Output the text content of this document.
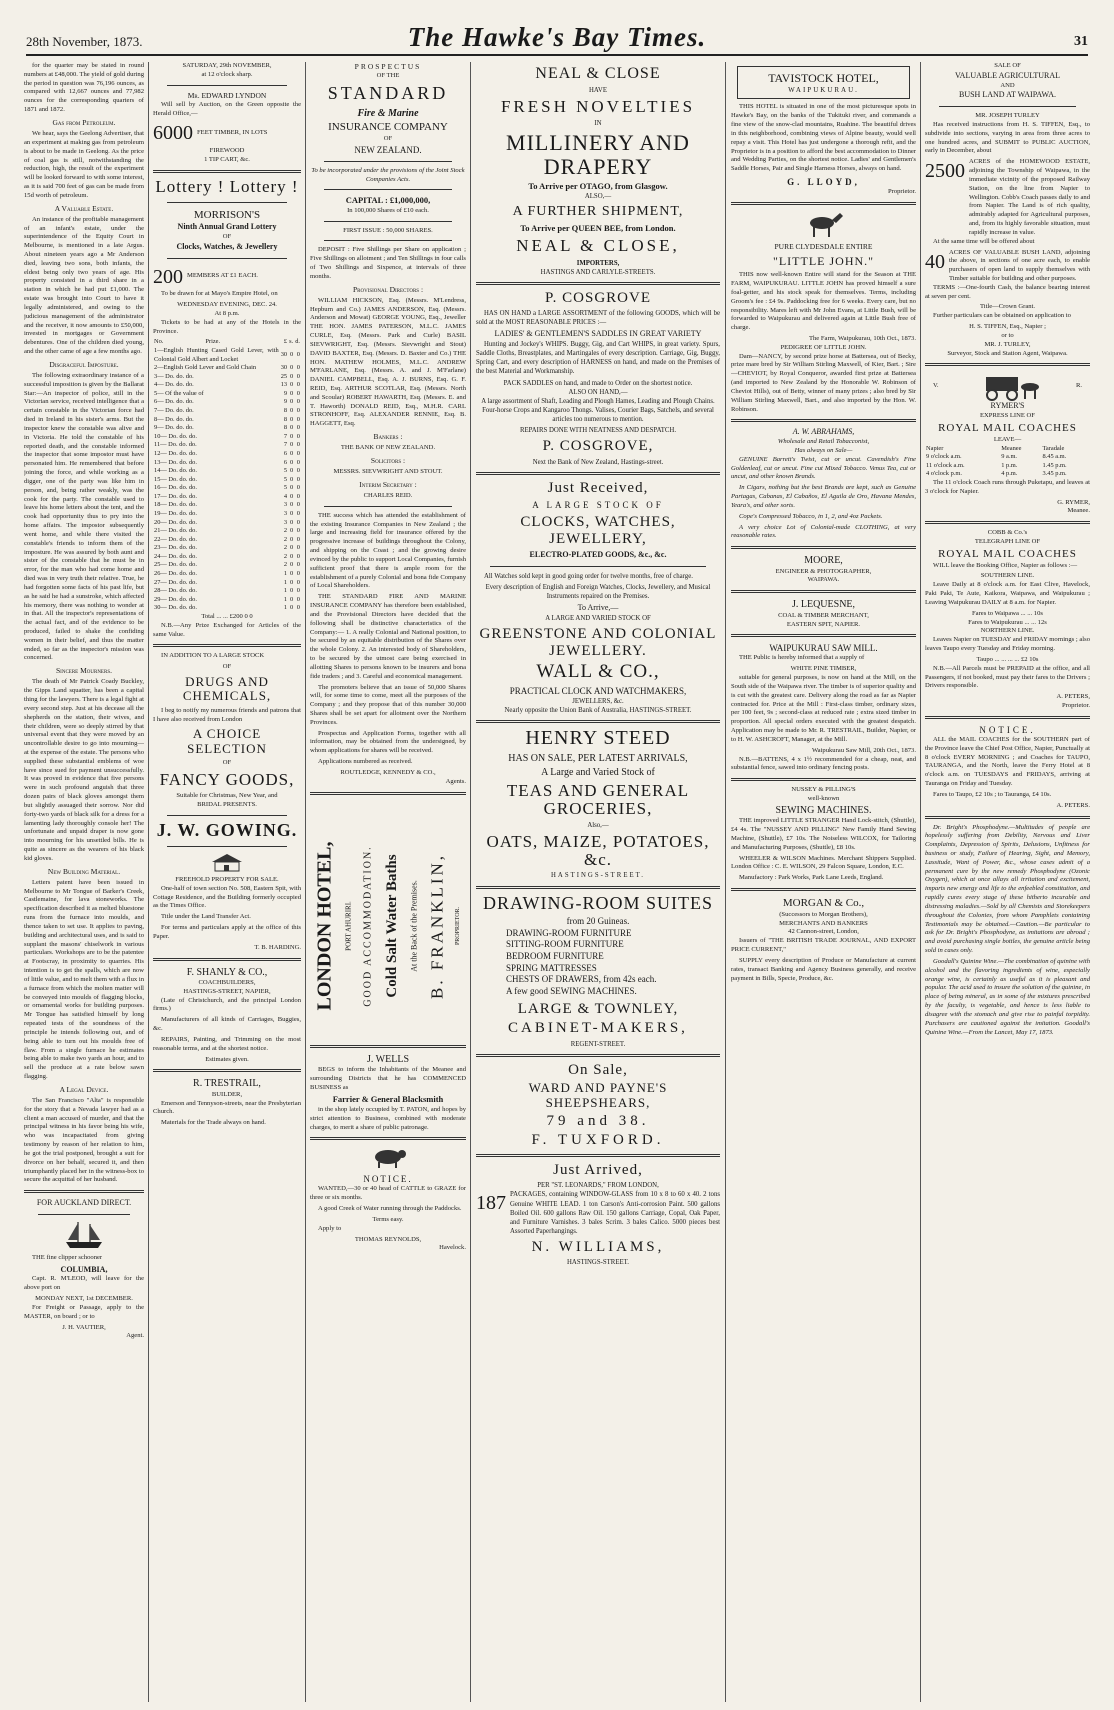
28th November, 1873.	The Hawke's Bay Times.	31

for the quarter may be stated in round numbers at £48,000. The yield of gold during the period in question was 76,196 ounces, as compared with 12,667 ounces and 77,982 ounces for the corresponding quarters of 1871 and 1872.

Gas from Petroleum.

We hear, says the Geelong Advertiser, that an experiment at making gas from petroleum is about to be made in Geelong. As the price of coal gas is still, notwithstanding the reduction, high, the result of the experiment will be looked forward to with some interest, as it is said 700 feet of gas can be made from 15d worth of petroleum.

A Valuable Estate.

An instance of the profitable management of an infant's estate, under the superintendence of the Equity Court in Melbourne, is mentioned in a late Argus. About nineteen years ago a Mr Anderson died, leaving two sons, both infants, the eldest being only two years of age. His property consisted in a third share in a station in which he had put £1,000. The estate was brought into Court to have it legally administered, and owing to the judicious management of the administrator and the receiver, it now amounts to £50,000, invested in mortgages or Government debentures. One of the children died young, and the other came of age a few months ago.

Disgraceful Imposture.

The following extraordinary instance of a successful imposition is given by the Ballarat Star:—An inspector of police, still in the Victorian service, received intelligence that a certain constable in the Victorian force had died in Ireland in his sister's arms. But the inspector knew the constable was alive and in Victoria. He told the constable of his reported death, and the constable informed the inspector that some impostor must have personated him. He remembered that before joining the force, and while working as a digger, one of the party was like him in person, and, being rather weakly, was the cook for the party. The constable used to leave his home letters about the tent, and the cook had opportunity thus to pry into the home affairs. The impostor subsequently went home, and while there visited the constable's friends to inform them of the imposture. He was assured by both aunt and sister of the constable that he must be in error, for the man who had come home and died was in very truth their relative. True, he had forgotten some facts of his past life, but as he said he had a sunstroke, which affected his memory, there was nothing to wonder at in that. All the inspector's representations of the actual fact, and of the evidence to be produced, failed to shake the confiding women in their belief, and thus the matter ended, so far as the inspector's mission was concerned.

Sincere Mourners.

The death of Mr Patrick Coady Buckley, the Gipps Land squatter, has been a capital thing for the lawyers. There is a legal fight at every second step. Just at his decease all the shepherds on the station, their wives, and their children, were so deeply stirred by that universal event that they were moved by an uncontrollable desire to go into mourning—at the expense of the estate. The persons who supplied these substantial emblems of woe have since sued for payment unsuccessfully. It was proved in evidence that five persons were in such profound anguish that three dozen pairs of black gloves amongst them but slightly assuaged their sorrow. Nor did forty-two yards of black silk for a dress for a lamenting lady thoroughly console her! The unfortunate and unpaid draper is now gone into mourning for his unsettled bills. He is quite as sincere as the wearers of his black kid gloves.

New Building Material.

Letters patent have been issued in Melbourne to Mr Tongue of Barker's Creek, Castlemaine, for lava stoneworks. The specification described it as melted bluestone runs from the furnace into moulds, and thence taken to set use. It applies to paving, building and architectural uses, and is said to supplant the masons' chiselwork in various particulars. Workshops are to be the patentee at Footscray, in proximity to quarries. His intention is to get the spalls, which are now of little value, and to melt them with a flux in a furnace from which the molten matter will be conveyed into moulds of flagging blocks, or ornamental works for building purposes. Mr Tongue has satisfied himself by long repeated tests of the soundness of the principle he intends following out, and of being able to turn out his moulds free of flaw. From a single furnace he estimates being able to make two yards an hour, and to sell the produce at a rate below sawn flagging.

A Legal Device.

The San Francisco "Alta" is responsible for the story that a Nevada lawyer had as a client a man accused of murder, and that the principal witness in his favor being his wife, who was incapacitated from giving testimony by reason of her relation to him, he got the trial postponed, brought a suit for divorce on her behalf, secured it, and then triumphantly placed her in the witness-box to secure the acquittal of her husband.

FOR AUCKLAND DIRECT.

THE fine clipper schooner

COLUMBIA,

Capt. R. M'LEOD, will leave for the above port on

MONDAY NEXT, 1st DECEMBER.

For Freight or Passage, apply to the MASTER, on board ; or to

J. H. VAUTIER,
Agent.
SATURDAY, 29th NOVEMBER,
at 12 o'clock sharp.
Mr. EDWARD LYNDON

Will sell by Auction, on the Green opposite the Herald Office,—

6000 FEET TIMBER, IN LOTS
FIREWOOD
1 TIP CART, &c.
Lottery ! Lottery !
MORRISON'S
Ninth Annual Grand Lottery
OF
Clocks, Watches, & Jewellery
200 MEMBERS AT £1 EACH.

To be drawn for at Mayo's Empire Hotel, on

WEDNESDAY EVENING, DEC. 24.
At 8 p.m.

Tickets to be had at any of the Hotels in the Province.

No.	Prize.	£	s.	d.
1—English Hunting Cased Gold Lever, with Colonial Gold Albert and Locket		30	0	0
2—English Gold Lever and Gold Chain		30	0	0
3— Do. do. do.		25	0	0
4— Do. do. do.		13	0	0
5— Of the value of		9	0	0
6— Do. do. do.		9	0	0
7— Do. do. do.		8	0	0
8— Do. do. do.		8	0	0
9— Do. do. do.		8	0	0
10— Do. do. do.		7	0	0
11— Do. do. do.		7	0	0
12— Do. do. do.		6	0	0
13— Do. do. do.		6	0	0
14— Do. do. do.		5	0	0
15— Do. do. do.		5	0	0
16— Do. do. do.		5	0	0
17— Do. do. do.		4	0	0
18— Do. do. do.		3	0	0
19— Do. do. do.		3	0	0
20— Do. do. do.		3	0	0
21— Do. do. do.		2	0	0
22— Do. do. do.		2	0	0
23— Do. do. do.		2	0	0
24— Do. do. do.		2	0	0
25— Do. do. do.		2	0	0
26— Do. do. do.		1	0	0
27— Do. do. do.		1	0	0
28— Do. do. do.		1	0	0
29— Do. do. do.		1	0	0
30— Do. do. do.		1	0	0
Total ... ... £200 0 0

N.B.—Any Prize Exchanged for Articles of the same Value.

IN ADDITION TO A LARGE STOCK

OF
DRUGS AND CHEMICALS,

I beg to notify my numerous friends and patrons that I have also received from London

A CHOICE SELECTION
OF
FANCY GOODS,
Suitable for Christmas, New Year, and
BRIDAL PRESENTS.
J. W. GOWING.
FREEHOLD PROPERTY FOR SALE.

One-half of town section No. 508, Eastern Spit, with Cottage Residence, and the Building formerly occupied as the Times Office.

Title under the Land Transfer Act.

For terms and particulars apply at the office of this Paper.

T. B. HARDING.
F. SHANLY & CO.,
COACHBUILDERS,
HASTINGS-STREET, NAPIER,

(Late of Christchurch, and the principal London firms.)

Manufacturers of all kinds of Carriages, Buggies, &c.

REPAIRS, Painting, and Trimming on the most reasonable terms, and at the shortest notice.

Estimates given.
R. TRESTRAIL,
BUILDER,

Emerson and Tennyson-streets, near the Presbyterian Church.

Materials for the Trade always on hand.

PROSPECTUS
OF THE
STANDARD
Fire & Marine
INSURANCE COMPANY
OF
NEW ZEALAND.

To be incorporated under the provisions of the Joint Stock Companies Acts.

CAPITAL : £1,000,000,
In 100,000 Shares of £10 each.
FIRST ISSUE : 50,000 SHARES.

DEPOSIT : Five Shillings per Share on application ; Five Shillings on allotment ; and Ten Shillings in four calls of Two Shillings and Sixpence, at intervals of three months.

Provisional Directors :

WILLIAM HICKSON, Esq. (Messrs. M'Lendress, Hepburn and Co.) JAMES ANDERSON, Esq. (Messrs. Anderson and Mowat) GEORGE YOUNG, Esq., Jeweller THE HON. JAMES PATERSON, M.L.C. JAMES CURLE, Esq. (Messrs. Park and Curle) BASIL SIEVWRIGHT, Esq. (Messrs. Sievwright and Stout) DAVID BAXTER, Esq. (Messrs. D. Baxter and Co.) THE HON. MATHEW HOLMES, M.L.C. ANDREW M'FARLANE, Esq. (Messrs. A. and J. M'Farlane) DANIEL CAMPBELL, Esq. A. J. BURNS, Esq. G. F. REID, Esq. ARTHUR SCOTLAR, Esq. (Messrs. North and Scoular) ROBERT HAWARTH, Esq. (Messrs. E. and T. Haworth) DONALD REID, Esq., M.H.R. CARL STRONHOFF, Esq. ALEXANDER RENNIE, Esq. B. HAGGETT, Esq.

Bankers :
THE BANK OF NEW ZEALAND.
Solicitors :
MESSRS. SIEVWRIGHT AND STOUT.
Interim Secretary :
CHARLES REID.

THE success which has attended the establishment of the existing Insurance Companies in New Zealand ; the large and increasing field for insurance offered by the progressive increase of buildings throughout the Colony, and shipping on the Coast ; and the growing desire evinced by the public to support Local Companies, furnish sufficient proof that there is ample room for the establishment of a purely Colonial and bona fide Company of Local Shareholders.

THE STANDARD FIRE AND MARINE INSURANCE COMPANY has therefore been established, and the Provisional Directors have decided that the following shall be distinctive characteristics of the Company:— 1. A really Colonial and National position, to be secured by an equitable distribution of the Shares over the whole Colony. 2. An interested body of Shareholders, to be secured by the utmost care being exercised in allotting Shares to persons known to be insurers and bona fide traders ; and 3. Careful and economical management.

The promoters believe that an issue of 50,000 Shares will, for some time to come, meet all the purposes of the Company ; and they propose that of this number 30,000 Shares shall be set apart for allotment over the Northern Provinces.

Prospectus and Application Forms, together with all information, may be obtained from the undersigned, by whom applications for shares will be received.

Applications numbered as received.

ROUTLEDGE, KENNEDY & CO.,
Agents.
LONDON HOTEL,	PORT AHURIRI. GOOD ACCOMMODATION. Cold Salt Water Baths At the Back of the Premises. B. FRANKLIN,	PROPRIETOR.
J. WELLS

BEGS to inform the Inhabitants of the Meanee and surrounding Districts that he has COMMENCED BUSINESS as

Farrier & General Blacksmith

in the shop lately occupied by T. PATON, and hopes by strict attention to Business, combined with moderate charges, to merit a share of public patronage.

NOTICE.

WANTED,—30 or 40 head of CATTLE to GRAZE for three or six months.

A good Creek of Water running through the Paddocks.

Terms easy.

Apply to

THOMAS REYNOLDS,
Havelock.
NEAL & CLOSE
HAVE
FRESH NOVELTIES
IN
MILLINERY AND DRAPERY
To Arrive per OTAGO, from Glasgow.
ALSO,—
A FURTHER SHIPMENT,
To Arrive per QUEEN BEE, from London.
NEAL & CLOSE,
IMPORTERS,
HASTINGS AND CARLYLE-STREETS.
P. COSGROVE

HAS ON HAND a LARGE ASSORTMENT of the following GOODS, which will be sold at the MOST REASONABLE PRICES :—

LADIES' & GENTLEMEN'S SADDLES IN GREAT VARIETY

Hunting and Jockey's WHIPS. Buggy, Gig, and Cart WHIPS, in great variety. Spurs, Saddle Cloths, Breastplates, and Martingales of every description. Carriage, Gig, Buggy, Spring Cart, and every description of HARNESS on hand, and made on the Premises of the best Material and Workmanship.

PACK SADDLES on hand, and made to Order on the shortest notice.
ALSO ON HAND,—

A large assortment of Shaft, Leading and Plough Hames, Leading and Plough Chains. Four-horse Crops and Kangaroo Thongs. Valises, Courier Bags, Satchels, and several articles too numerous to mention.

REPAIRS DONE WITH NEATNESS AND DESPATCH.
P. COSGROVE,
Next the Bank of New Zealand, Hastings-street.
Just Received,
A LARGE STOCK OF
CLOCKS, WATCHES, JEWELLERY,
ELECTRO-PLATED GOODS, &c., &c.

All Watches sold kept in good going order for twelve months, free of charge.

Every description of English and Foreign Watches, Clocks, Jewellery, and Musical Instruments repaired on the Premises.

To Arrive,—
A LARGE AND VARIED STOCK OF
GREENSTONE AND COLONIAL JEWELLERY.
WALL & CO.,
PRACTICAL CLOCK AND WATCHMAKERS,
JEWELLERS, &c.
Nearly opposite the Union Bank of Australia, HASTINGS-STREET.
HENRY STEED
HAS ON SALE, PER LATEST ARRIVALS,
A Large and Varied Stock of
TEAS AND GENERAL GROCERIES,
Also,—
OATS, MAIZE, POTATOES, &c.
HASTINGS-STREET.
DRAWING-ROOM SUITES
from 20 Guineas.
DRAWING-ROOM FURNITURE
SITTING-ROOM FURNITURE
BEDROOM FURNITURE
SPRING MATTRESSES
CHESTS OF DRAWERS, from 42s each.
A few good SEWING MACHINES.
LARGE & TOWNLEY,
CABINET-MAKERS,
REGENT-STREET.
On Sale,
WARD AND PAYNE'S SHEEPSHEARS,
79 and 38.
F. TUXFORD.
Just Arrived,
PER "ST. LEONARDS," FROM LONDON,
187 PACKAGES, containing WINDOW-GLASS from 10 x 8 to 60 x 40. 2 tons Genuine WHITE LEAD. 1 ton Carson's Anti-corrosion Paint. 500 gallons Boiled Oil. 600 gallons Raw Oil. 150 gallons Carriage, Copal, Oak Paper, and Furniture Varnishes. 3 bales Scrim. 3 bales Calico. 5000 pieces best Assorted Paperhangings.
N. WILLIAMS,
HASTINGS-STREET.
TAVISTOCK HOTEL,
WAIPUKURAU.

THIS HOTEL is situated in one of the most picturesque spots in Hawke's Bay, on the banks of the Tukituki river, and commands a fine view of the snow-clad mountains, Ruahine. The beautiful drives in this neighborhood, combining views of Alpine beauty, would well repay a visit. This Hotel has just undergone a thorough refit, and the Proprietor is in a position to afford the best accommodation to Dinner and Wedding Parties, on the shortest notice. Ladies' and Gentlemen's Saddle Horses, Pair and Single Harness Horses, always on hand.

G. LLOYD,
Proprietor.
PURE CLYDESDALE ENTIRE
"LITTLE JOHN."

THIS now well-known Entire will stand for the Season at THE FARM, WAIPUKURAU. LITTLE JOHN has proved himself a sure foal-getter, and his stock speak for themselves. Terms, including Groom's fee : £4 9s. Paddocking free for 6 weeks. Every care, but no responsibility. Mares left with Mr John Evans, at Little Bush, will be forwarded to Waipukurau and delivered again at Little Bush free of charge.

The Farm, Waipukurau, 10th Oct., 1873.
PEDIGREE OF LITTLE JOHN.

Dam—NANCY, by second prize horse at Battersea, out of Becky, prize mare bred by Sir William Stirling Maxwell, of Kier, Bart. ; Sire—CHEVIOT, by Royal Conqueror, awarded first prize at Battersea (and imported to New Zealand by the Honorable W. Robinson of Cheviot Hills), out of Betty, winner of many prizes ; also bred by Sir William Stirling Maxwell, Bart., and also imported by the Hon. W. Robinson.

A. W. ABRAHAMS,
Wholesale and Retail Tobacconist,
Has always on Sale—

GENUINE Barrett's Twist, cut or uncut. Cavendish's Fine Goldenleaf, cut or uncut. Fine cut Mixed Tobacco. Venus Tea, cut or uncut, and other known Brands.

In Cigars, nothing but the best Brands are kept, such as Genuine Partagas, Cabanas, El Cabaños, El Aguila de Oro, Havana Mendes, Yeara's, and other sorts.

Cope's Compressed Tobacco, in 1, 2, and 4oz Packets.

A very choice Lot of Colonial-made CLOTHING, at very reasonable rates.

MOORE,
ENGINEER & PHOTOGRAPHER,
WAIPAWA.
J. LEQUESNE,
COAL & TIMBER MERCHANT,
EASTERN SPIT, NAPIER.
WAIPUKURAU SAW MILL.

THE Public is hereby informed that a supply of

WHITE PINE TIMBER,

suitable for general purposes, is now on hand at the Mill, on the South side of the Waipawa river. The timber is of superior quality and is cut with the greatest care. Delivery along the road as far as Napier contracted for. Price at the Mill : First-class timber, ordinary sizes, per 100 feet, 9s ; second-class at reduced rate ; extra sized timber in proportion. All special orders executed with the greatest despatch. Application may be made to Mr. R. TRESTRAIL, Builder, Napier, or to H. W. ASHCROFT, Manager, at the Mill.

Waipukurau Saw Mill, 20th Oct., 1873.

N.B.—BATTENS, 4 x 1½ recommended for a cheap, neat, and substantial fence, sawed into ordinary fencing posts.

NUSSEY & PILLING'S
well-known
SEWING MACHINES.

THE improved LITTLE STRANGER Hand Lock-stitch, (Shuttle), £4 4s. The "NUSSEY AND PILLING" New Family Hand Sewing Machine, (Shuttle), £7 10s. The Noiseless WILCOX, for Tailoring and Manufacturing Purposes, (Shuttle), £8 10s.

WHEELER & WILSON Machines. Merchant Shippers Supplied. London Office : C. E. WILSON, 29 Falcon Square, London, E.C.

Manufactory : Park Works, Park Lane Leeds, England.

MORGAN & Co.,
(Successors to Morgan Brothers),
MERCHANTS AND BANKERS
42 Cannon-street, London,

Issuers of "THE BRITISH TRADE JOURNAL, AND EXPORT PRICE CURRENT,"

SUPPLY every description of Produce or Manufacture at current rates, transact Banking and Agency Business generally, and receive payment in Bills, Specie, Produce, &c.

SALE OF
VALUABLE AGRICULTURAL
AND
BUSH LAND AT WAIPAWA.
MR. JOSEPH TURLEY

Has received instructions from H. S. TIFFEN, Esq., to subdivide into sections, varying in area from three acres to one hundred acres, and SUBMIT to PUBLIC AUCTION, early in December, about

2500 ACRES of the HOMEWOOD ESTATE, adjoining the Township of Waipawa, in the immediate vicinity of the proposed Railway Station, on the line from Napier to Wellington. Cobb's Coach passes daily to and from Napier. The Land is of rich quality, admirably adapted for Agricultural purposes, and, from its highly favorable situation, must rapidly increase in value.

At the same time will be offered about

40 ACRES OF VALUABLE BUSH LAND, adjoining the above, in sections of one acre each, to enable purchasers of open land to supply themselves with Timber suitable for building and other purposes.

TERMS :—One-fourth Cash, the balance bearing interest at seven per cent.

Title—Crown Grant.

Further particulars can be obtained on application to

H. S. TIFFEN, Esq., Napier ;
or to
MR. J. TURLEY,
Surveyor, Stock and Station Agent, Waipawa.
V.	R.
RYMER'S
EXPRESS LINE OF
ROYAL MAIL COACHES
LEAVE—
Napier	Meanee	Taradale
9 o'clock a.m.	9 a.m.	8.45 a.m.
11 o'clock a.m.	1 p.m.	1.45 p.m.
4 o'clock p.m.	4 p.m.	3.45 p.m.

The 11 o'clock Coach runs through Puketapu, and leaves at 3 o'clock for Napier.

G. RYMER,
Meanee.
COBB & Co.'s
TELEGRAPH LINE OF
ROYAL MAIL COACHES

WILL leave the Booking Office, Napier as follows :—

SOUTHERN LINE.

Leave Daily at 8 o'clock a.m. for East Clive, Havelock, Paki Paki, Te Aute, Kaikora, Waipawa, and Waipukurau ; Leaving Waipukurau DAILY at 8 a.m. for Napier.

Fares to Waipawa ... ... 10s
Fares to Waipukurau ... ... 12s
NORTHERN LINE.

Leaves Napier on TUESDAY and FRIDAY mornings ; also leaves Taupo every Tuesday and Friday morning.

Taupo ... ... ... ... £2 10s

N.B.—All Parcels must be PREPAID at the office, and all Passengers, if not booked, must pay their fares to the Drivers ; Drivers responsible.

A. PETERS,
Proprietor.
NOTICE.

ALL the MAIL COACHES for the SOUTHERN part of the Province leave the Chief Post Office, Napier, Punctually at 8 o'clock EVERY MORNING ; and Coaches for TAUPO, TAURANGA, and the North, leave the Ferry Hotel at 8 o'clock a.m. on TUESDAYS and FRIDAYS, arriving at Tauranga on Friday and Tuesday.

Fares to Taupo, £2 10s ; to Tauranga, £4 10s.

A. PETERS.

Dr. Bright's Phosphodyne.—Multitudes of people are hopelessly suffering from Debility, Nervous and Liver Complaints, Depression of Spirits, Delusions, Unfitness for business or study, Failure of Hearing, Sight, and Memory, Lassitude, Want of Power, &c., whose cases admit of a permanent cure by the new remedy Phosphodyne (Ozonic Oxygen), which at once allays all irritation and excitement, imparts new energy and life to the enfeebled constitution, and rapidly cures every stage of these hitherto incurable and distressing maladies.—Sold by all Chemists and Storekeepers throughout the Colonies, from whom Pamphlets containing Testimonials may be obtained.—Caution.—Be particular to ask for Dr. Bright's Phosphodyne, as imitations are abroad ; and avoid purchasing single bottles, the genuine article being sold in cases only.

Goodall's Quinine Wine.—The combination of quinine with alcohol and the flavoring ingredients of wine, especially orange wine, is certainly as useful as it is pleasant and popular. The acid used to insure the solution of the quinine, in place of being mineral, as in some of the mixtures prescribed by the faculty, is vegetable, and hence is less liable to disagree with the stomach and give rise to painful torpidity. Purchasers are cautioned against the imitation. Goodall's Quinine Wine.—From the Lancet, May 17, 1873.
